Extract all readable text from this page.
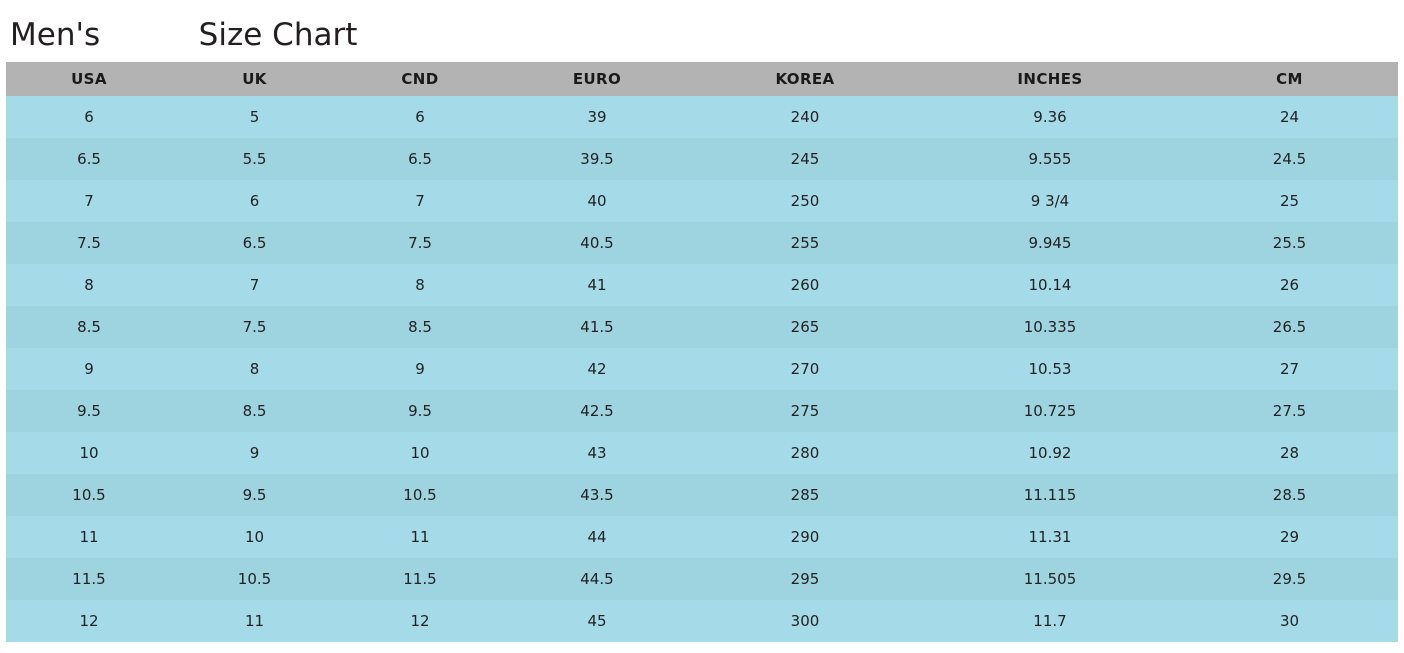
Men's          Size Chart
USA	UK	CND	EURO	KOREA	INCHES	CM
6	5	6	39	240	9.36	24
6.5	5.5	6.5	39.5	245	9.555	24.5
7	6	7	40	250	9 3/4	25
7.5	6.5	7.5	40.5	255	9.945	25.5
8	7	8	41	260	10.14	26
8.5	7.5	8.5	41.5	265	10.335	26.5
9	8	9	42	270	10.53	27
9.5	8.5	9.5	42.5	275	10.725	27.5
10	9	10	43	280	10.92	28
10.5	9.5	10.5	43.5	285	11.115	28.5
11	10	11	44	290	11.31	29
11.5	10.5	11.5	44.5	295	11.505	29.5
12	11	12	45	300	11.7	30
